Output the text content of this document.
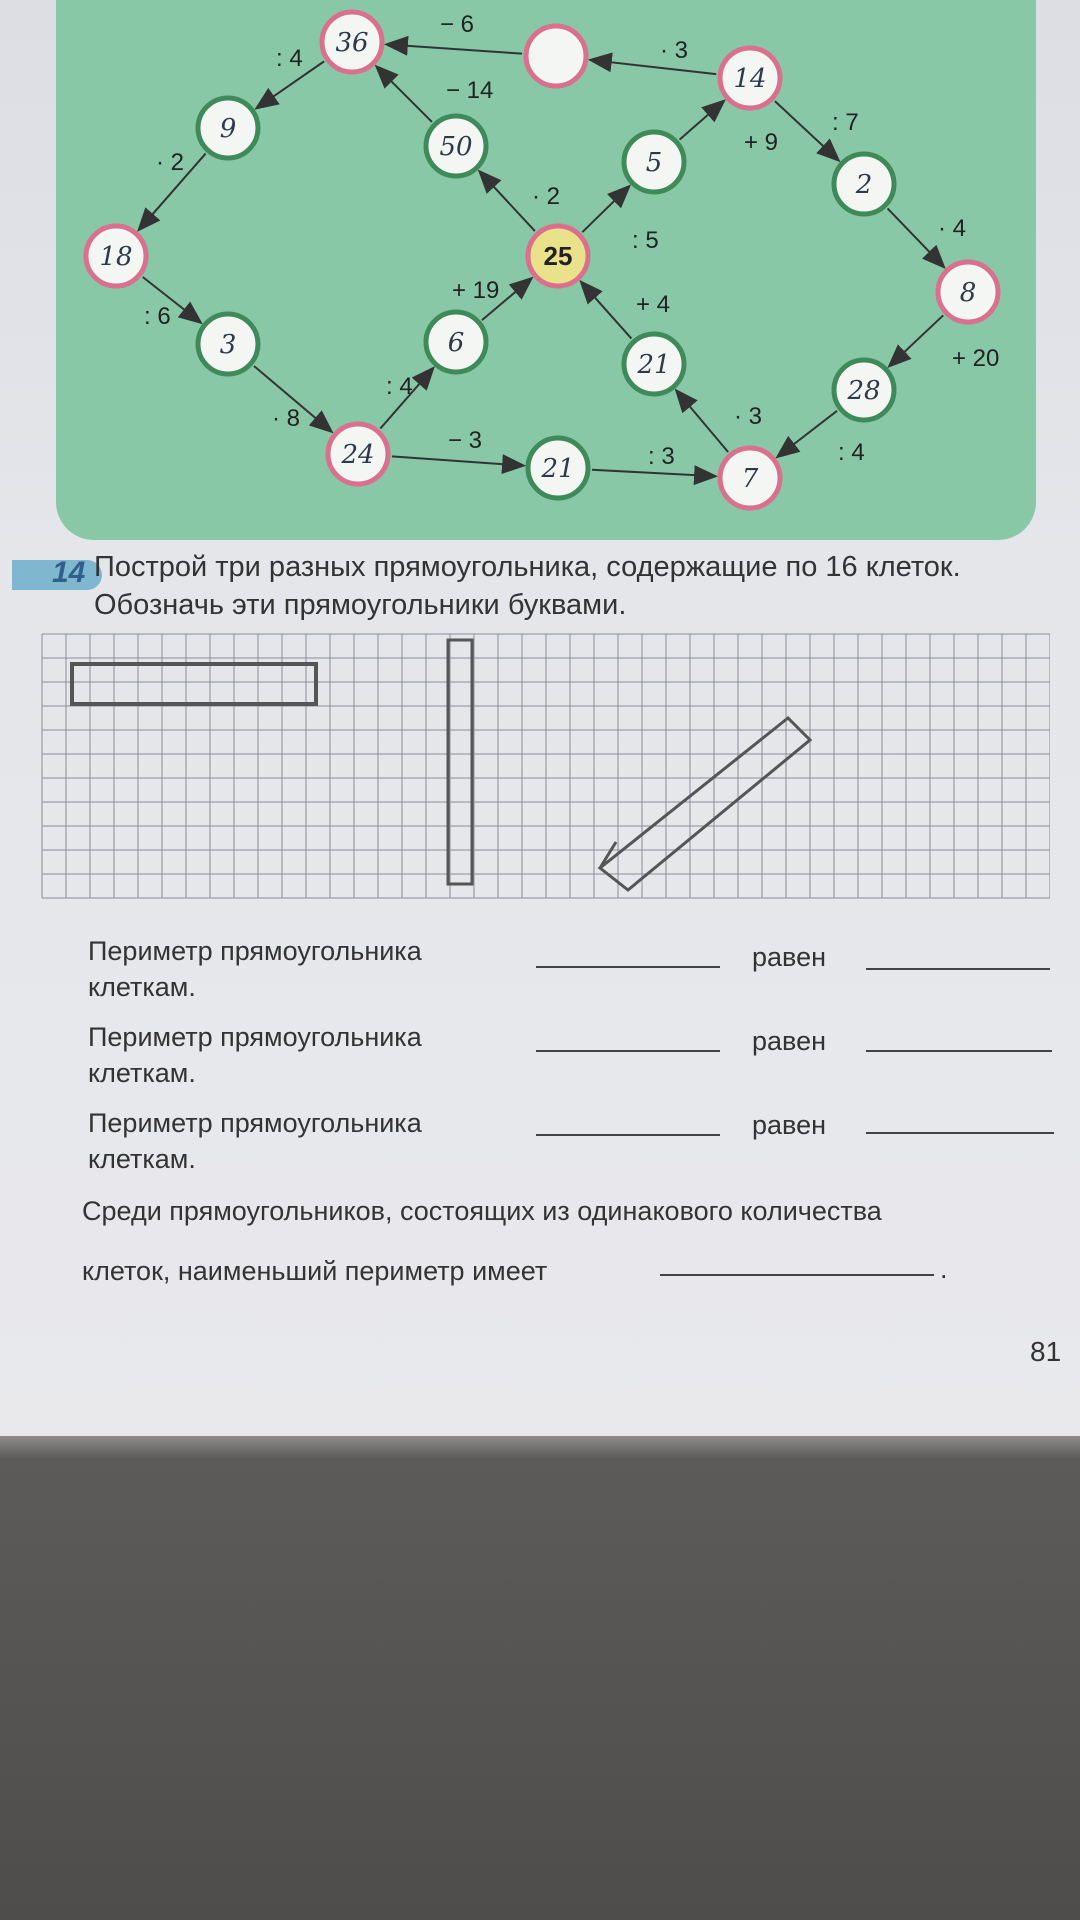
− 6
· 3
: 4
− 14
: 7
+ 9
· 2
· 2
: 5	· 4
: 6
+ 19
+ 4
+ 20
· 8
: 4
− 3
: 3
· 3
: 4
36
14
9
50
5
2
18	25
8
3	6
21
28
24	21	7
14 Построй три разных прямоугольника, содержащие по 16 клеток. Обозначь эти прямоугольники буквами.
Периметр прямоугольника	равен
клеткам.
Периметр прямоугольника	равен
клеткам.
Периметр прямоугольника	равен
клеткам.
Среди прямоугольников, состоящих из одинакового количества
клеток, наименьший периметр имеет	.
81
